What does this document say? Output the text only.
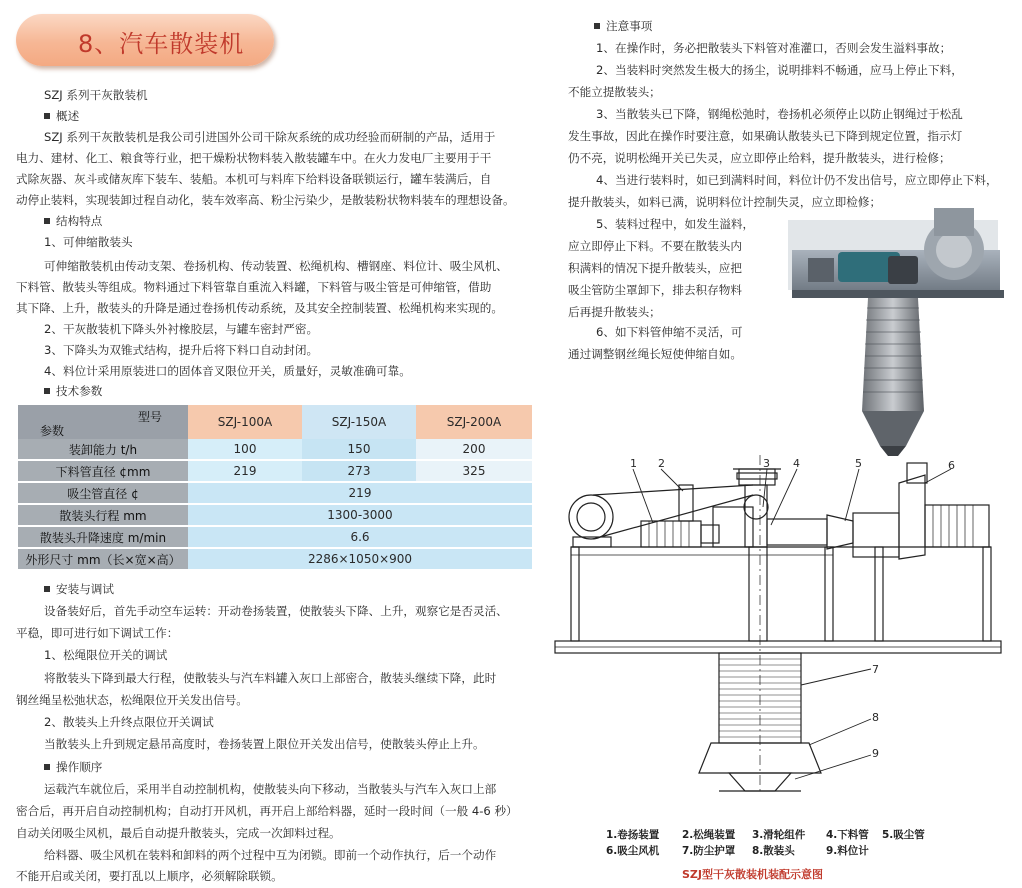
8、汽车散装机
SZJ 系列干灰散装机
概述
SZJ 系列干灰散装机是我公司引进国外公司干除灰系统的成功经验而研制的产品，适用于
电力、建材、化工、粮食等行业，把干燥粉状物料装入散装罐车中。在火力发电厂主要用于干
式除灰器、灰斗或储灰库下装车、装船。本机可与料库下给料设备联锁运行，罐车装满后，自
动停止装料，实现装卸过程自动化，装车效率高、粉尘污染少，是散装粉状物料装车的理想设备。
结构特点
1、可伸缩散装头
可伸缩散装机由传动支架、卷扬机构、传动装置、松绳机构、槽钢座、料位计、吸尘风机、
下料管、散装头等组成。物料通过下料管靠自重流入料罐，下料管与吸尘管是可伸缩管，借助
其下降、上升，散装头的升降是通过卷扬机传动系统，及其安全控制装置、松绳机构来实现的。
2、干灰散装机下降头外衬橡胶层，与罐车密封严密。
3、下降头为双锥式结构，提升后将下料口自动封闭。
4、料位计采用原装进口的固体音叉限位开关，质量好，灵敏准确可靠。
技术参数
型号
参数	SZJ-100A	SZJ-150A	SZJ-200A
装卸能力 t/h	100	150	200
下料管直径 ¢mm	219	273	325
吸尘管直径 ¢	219		
散装头行程 mm	1300-3000		
散装头升降速度 m/min	6.6		
外形尺寸 mm（长×宽×高）	2286×1050×900		
安装与调试
设备装好后，首先手动空车运转：开动卷扬装置，使散装头下降、上升，观察它是否灵活、
平稳，即可进行如下调试工作：
1、松绳限位开关的调试
将散装头下降到最大行程，使散装头与汽车料罐入灰口上部密合，散装头继续下降，此时
钢丝绳呈松弛状态，松绳限位开关发出信号。
2、散装头上升终点限位开关调试
当散装头上升到规定悬吊高度时，卷扬装置上限位开关发出信号，使散装头停止上升。
操作顺序
运载汽车就位后，采用半自动控制机构，使散装头向下移动，当散装头与汽车入灰口上部
密合后，再开启自动控制机构；自动打开风机，再开启上部给料器，延时一段时间（一般 4-6 秒）
自动关闭吸尘风机，最后自动提升散装头，完成一次卸料过程。
给料器、吸尘风机在装料和卸料的两个过程中互为闭锁。即前一个动作执行，后一个动作
不能开启或关闭，要打乱以上顺序，必须解除联锁。
注意事项
1、在操作时，务必把散装头下料管对准灌口，否则会发生溢料事故；
2、当装料时突然发生极大的扬尘，说明排料不畅通，应马上停止下料，
不能立提散装头；
3、当散装头已下降，钢绳松弛时，卷扬机必须停止以防止钢绳过于松乱
发生事故，因此在操作时要注意，如果确认散装头已下降到规定位置，指示灯
仍不亮，说明松绳开关已失灵，应立即停止给料，提升散装头，进行检修；
4、当进行装料时，如已到满料时间，料位计仍不发出信号，应立即停止下料，
提升散装头，如料已满，说明料位计控制失灵，应立即检修；
5、装料过程中，如发生溢料，
应立即停止下料。不要在散装头内
积满料的情况下提升散装头，应把
吸尘管防尘罩卸下，排去积存物料
后再提升散装头；
6、如下料管伸缩不灵活，可
通过调整钢丝绳长短使伸缩自如。
1 2	3 4	5	6
7
8
9
1.卷扬装置 2.松绳装置 3.滑轮组件 4.下料管 5.吸尘管
6.吸尘风机 7.防尘护罩 8.散装头	9.料位计
SZJ型干灰散装机装配示意图
